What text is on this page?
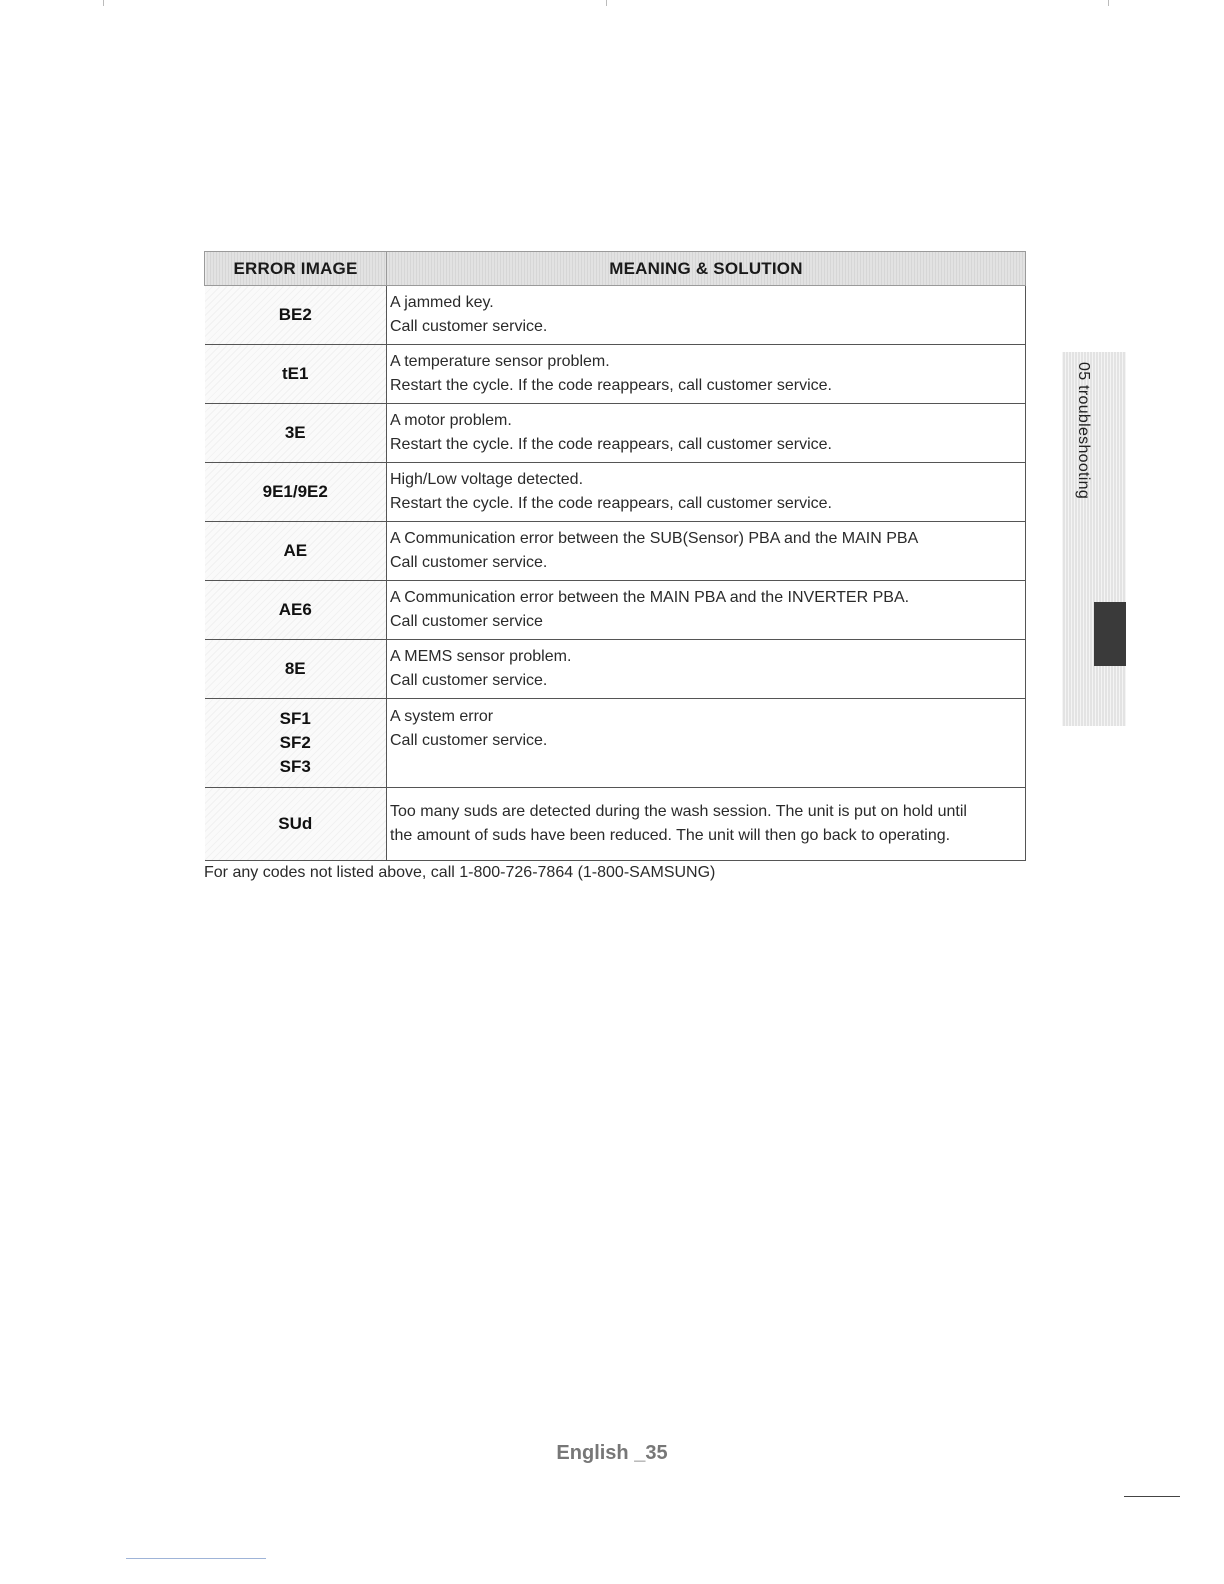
ERROR IMAGE	MEANING & SOLUTION
BE2	A jammed key.
Call customer service.

tE1	A temperature sensor problem.
Restart the cycle. If the code reappears, call customer service.

3E	A motor problem.
Restart the cycle. If the code reappears, call customer service.

9E1/9E2	High/Low voltage detected.
Restart the cycle. If the code reappears, call customer service.

AE	A Communication error between the SUB(Sensor) PBA and the MAIN PBA
Call customer service.

AE6	A Communication error between the MAIN PBA and the INVERTER PBA.
Call customer service

8E	A MEMS sensor problem.
Call customer service.

SF1
SF2
SF3	A system error
Call customer service.

SUd	Too many suds are detected during the wash session. The unit is put on hold until
the amount of suds have been reduced. The unit will then go back to operating.
For any codes not listed above, call 1-800-726-7864 (1-800-SAMSUNG)
05 troubleshooting
English _35
